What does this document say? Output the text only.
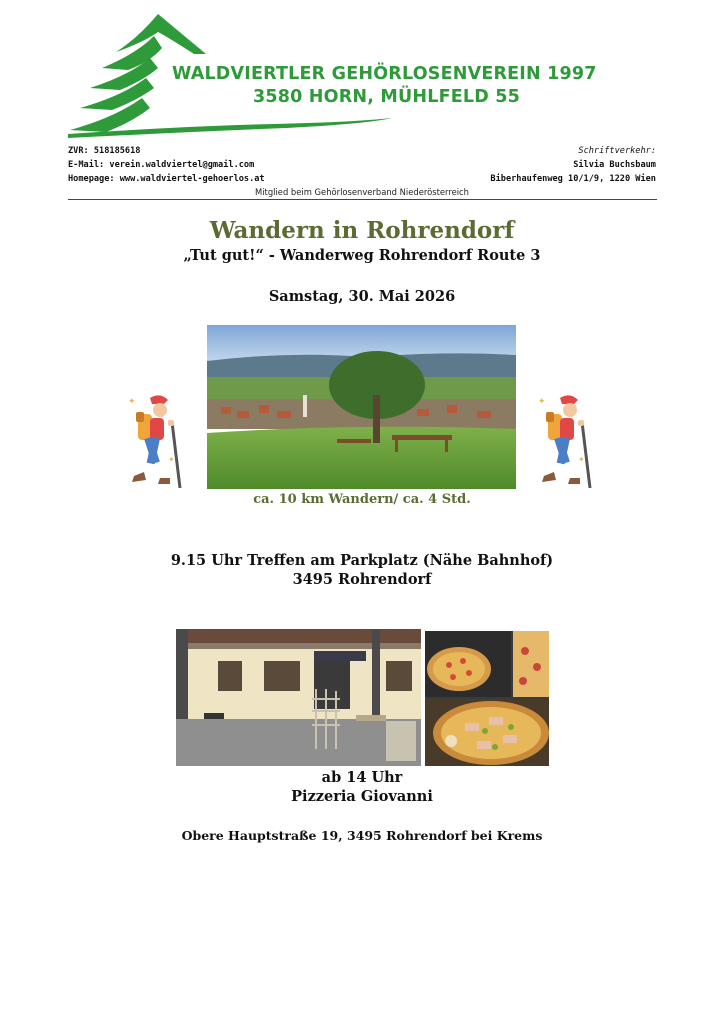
WALDVIERTLER GEHÖRLOSENVEREIN 1997
3580 HORN, MÜHLFELD 55
ZVR: 518185618
E-Mail: verein.waldviertel@gmail.com
Homepage: www.waldviertel-gehoerlos.at
Schriftverkehr:
Silvia Buchsbaum
Biberhaufenweg 10/1/9, 1220 Wien
Mitglied beim Gehörlosenverband Niederösterreich
Wandern in Rohrendorf
„Tut gut!“ - Wanderweg Rohrendorf Route 3
Samstag, 30. Mai 2026
✦
✦
✦
✦
ca. 10 km Wandern/ ca. 4 Std.
9.15 Uhr Treffen am Parkplatz (Nähe Bahnhof)
3495 Rohrendorf
ab 14 Uhr
Pizzeria Giovanni
Obere Hauptstraße 19, 3495 Rohrendorf bei Krems
